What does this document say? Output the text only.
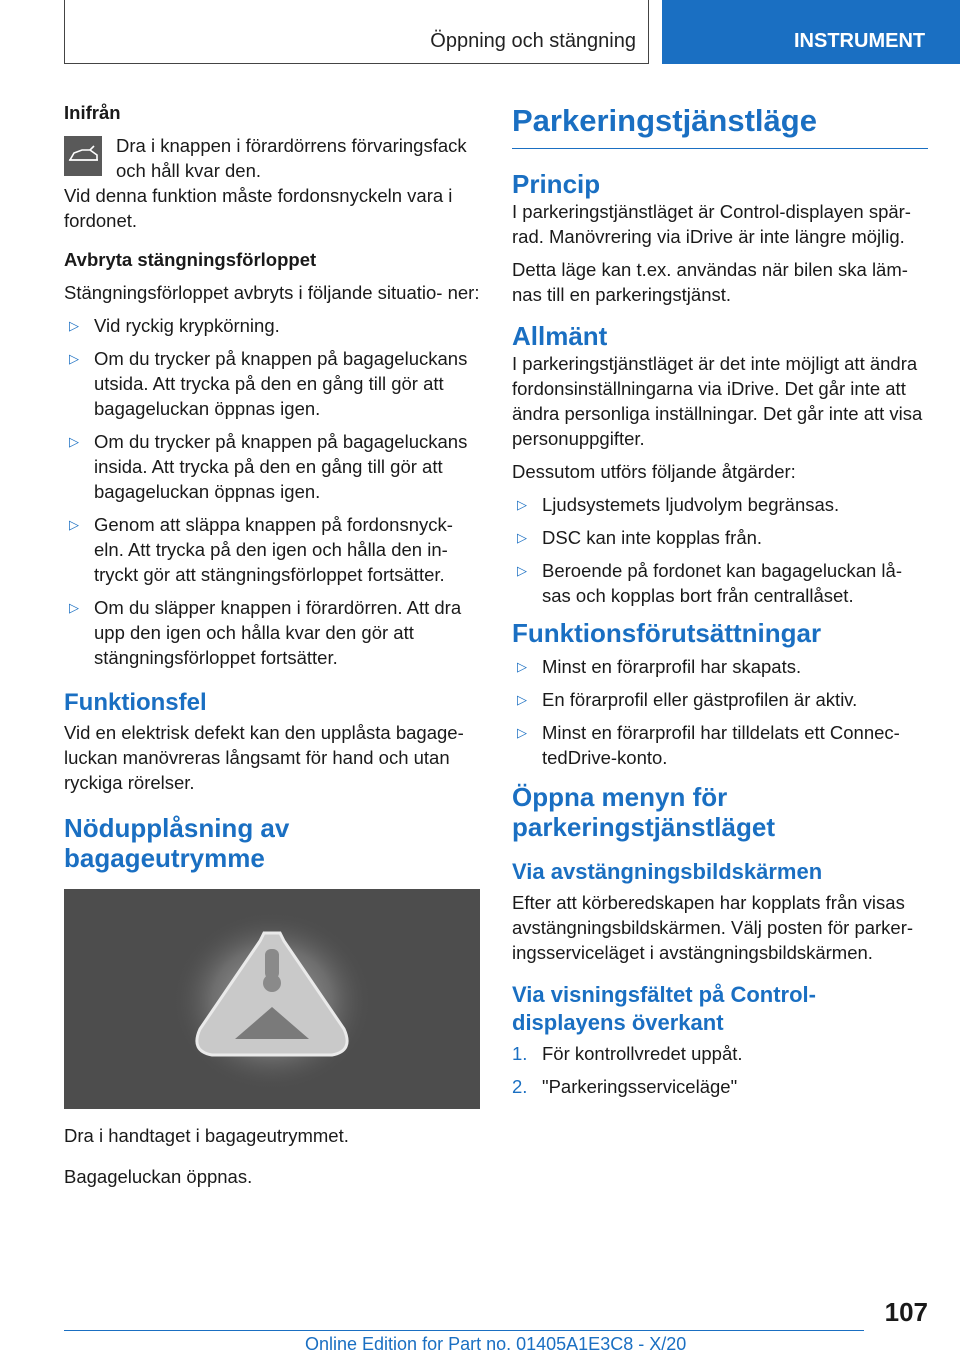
Öppning och stängning	INSTRUMENT

Inifrån

Dra i knappen i förardörrens förvaringsfack och håll kvar den.

Vid denna funktion måste fordonsnyckeln vara i fordonet.

Avbryta stängningsförloppet

Stängningsförloppet avbryts i följande situatio- ner:

▷ Vid ryckig krypkörning.
▷ Om du trycker på knappen på bagageluckans utsida. Att trycka på den en gång till gör att bagageluckan öppnas igen.
▷ Om du trycker på knappen på bagageluckans insida. Att trycka på den en gång till gör att bagageluckan öppnas igen.
▷ Genom att släppa knappen på fordonsnyck- eln. Att trycka på den igen och hålla den in- tryckt gör att stängningsförloppet fortsätter.
▷ Om du släpper knappen i förardörren. Att dra upp den igen och hålla kvar den gör att stängningsförloppet fortsätter.
Funktionsfel

Vid en elektrisk defekt kan den upplåsta bagage- luckan manövreras långsamt för hand och utan ryckiga rörelser.

Nödupplåsning av bagageutrymme

Dra i handtaget i bagageutrymmet.

Bagageluckan öppnas.

Parkeringstjänstläge
Princip

I parkeringstjänstläget är Control-displayen spär- rad. Manövrering via iDrive är inte längre möjlig.

Detta läge kan t.ex. användas när bilen ska läm- nas till en parkeringstjänst.

Allmänt

I parkeringstjänstläget är det inte möjligt att ändra fordonsinställningarna via iDrive. Det går inte att ändra personliga inställningar. Det går inte att visa personuppgifter.

Dessutom utförs följande åtgärder:

▷ Ljudsystemets ljudvolym begränsas.
▷ DSC kan inte kopplas från.
▷ Beroende på fordonet kan bagageluckan lå- sas och kopplas bort från centrallåset.
Funktionsförutsättningar
▷ Minst en förarprofil har skapats.
▷ En förarprofil eller gästprofilen är aktiv.
▷ Minst en förarprofil har tilldelats ett Connec- tedDrive-konto.
Öppna menyn för parkeringstjänstläget
Via avstängningsbildskärmen

Efter att körberedskapen har kopplats från visas avstängningsbildskärmen. Välj posten för parker- ingsserviceläget i avstängningsbildskärmen.

Via visningsfältet på Control- displayens överkant
1. För kontrollvredet uppåt.
2. "Parkeringsserviceläge"
107
Online Edition for Part no. 01405A1E3C8 - X/20
